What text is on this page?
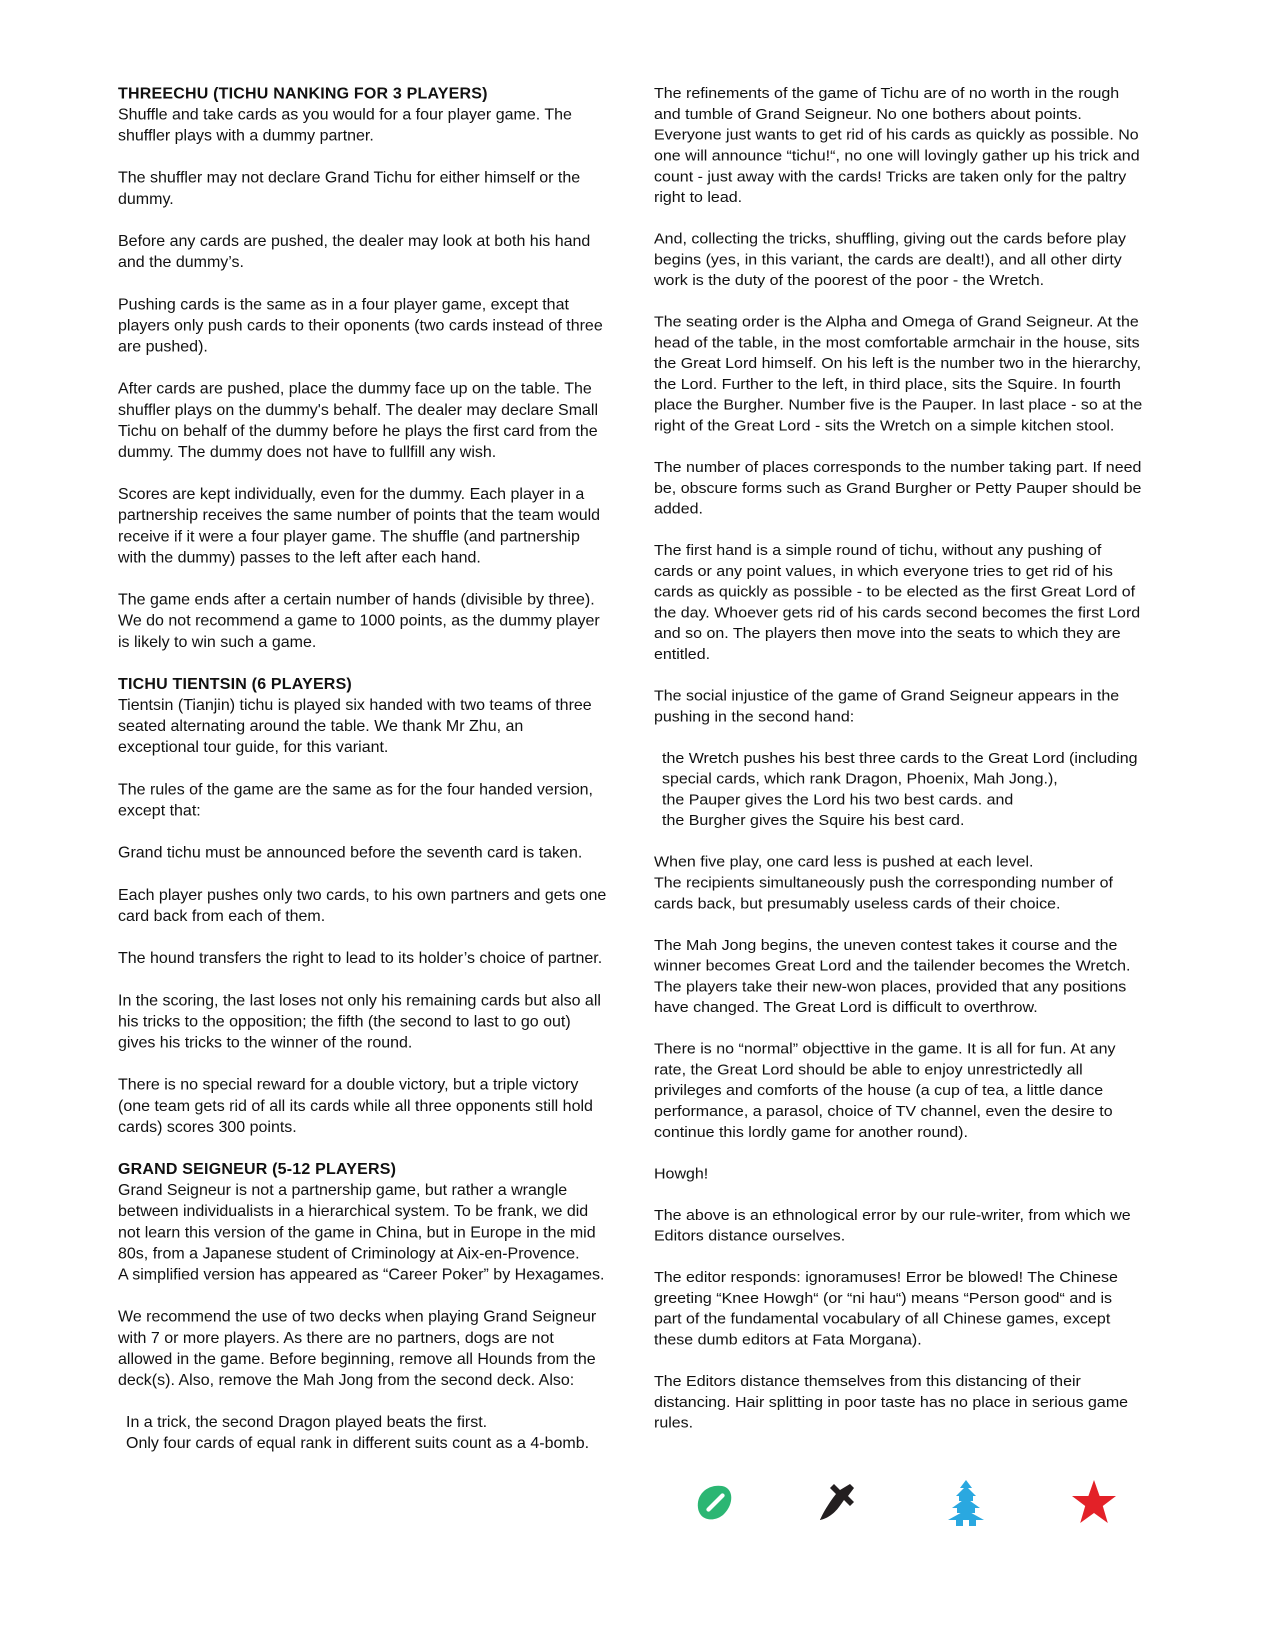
THREECHU (TICHU NANKING FOR 3 PLAYERS)

Shuffle and take cards as you would for a four player game. The shuffler plays with a dummy partner.

The shuffler may not declare Grand Tichu for either himself or the dummy.

Before any cards are pushed, the dealer may look at both his hand and the dummy’s.

Pushing cards is the same as in a four player game, except that players only push cards to their oponents (two cards instead of three are pushed).

After cards are pushed, place the dummy face up on the table. The shuffler plays on the dummy's behalf. The dealer may declare Small Tichu on behalf of the dummy before he plays the first card from the dummy. The dummy does not have to fullfill any wish.

Scores are kept individually, even for the dummy. Each player in a partnership receives the same number of points that the team would receive if it were a four player game. The shuffle (and partnership with the dummy) passes to the left after each hand.

The game ends after a certain number of hands (divisible by three). We do not recommend a game to 1000 points, as the dummy player is likely to win such a game.

TICHU TIENTSIN (6 PLAYERS)

Tientsin (Tianjin) tichu is played six handed with two teams of three seated alternating around the table. We thank Mr Zhu, an exceptional tour guide, for this variant.

The rules of the game are the same as for the four handed version, except that:

Grand tichu must be announced before the seventh card is taken.

Each player pushes only two cards, to his own partners and gets one card back from each of them.

The hound transfers the right to lead to its holder’s choice of partner.

In the scoring, the last loses not only his remaining cards but also all his tricks to the opposition; the fifth (the second to last to go out) gives his tricks to the winner of the round.

There is no special reward for a double victory, but a triple victory (one team gets rid of all its cards while all three opponents still hold cards) scores 300 points.

GRAND SEIGNEUR (5-12 PLAYERS)

Grand Seigneur is not a partnership game, but rather a wrangle between individualists in a hierarchical system. To be frank, we did not learn this version of the game in China, but in Europe in the mid 80s, from a Japanese student of Criminology at Aix-en-Provence.

A simplified version has appeared as “Career Poker” by Hexagames.

We recommend the use of two decks when playing Grand Seigneur with 7 or more players. As there are no partners, dogs are not allowed in the game. Before beginning, remove all Hounds from the deck(s). Also, remove the Mah Jong from the second deck. Also:

In a trick, the second Dragon played beats the first.
Only four cards of equal rank in different suits count as a 4-bomb.

The refinements of the game of Tichu are of no worth in the rough and tumble of Grand Seigneur. No one bothers about points. Everyone just wants to get rid of his cards as quickly as possible. No one will announce “tichu!“, no one will lovingly gather up his trick and count - just away with the cards! Tricks are taken only for the paltry right to lead.

And, collecting the tricks, shuffling, giving out the cards before play begins (yes, in this variant, the cards are dealt!), and all other dirty work is the duty of the poorest of the poor - the Wretch.

The seating order is the Alpha and Omega of Grand Seigneur. At the head of the table, in the most comfortable armchair in the house, sits the Great Lord himself. On his left is the number two in the hierarchy, the Lord. Further to the left, in third place, sits the Squire. In fourth place the Burgher. Number five is the Pauper. In last place - so at the right of the Great Lord - sits the Wretch on a simple kitchen stool.

The number of places corresponds to the number taking part. If need be, obscure forms such as Grand Burgher or Petty Pauper should be added.

The first hand is a simple round of tichu, without any pushing of cards or any point values, in which everyone tries to get rid of his cards as quickly as possible - to be elected as the first Great Lord of the day. Whoever gets rid of his cards second becomes the first Lord and so on. The players then move into the seats to which they are entitled.

The social injustice of the game of Grand Seigneur appears in the pushing in the second hand:

the Wretch pushes his best three cards to the Great Lord (including special cards, which rank Dragon, Phoenix, Mah Jong.),
the Pauper gives the Lord his two best cards. and
the Burgher gives the Squire his best card.

When five play, one card less is pushed at each level.

The recipients simultaneously push the corresponding number of cards back, but presumably useless cards of their choice.

The Mah Jong begins, the uneven contest takes it course and the winner becomes Great Lord and the tailender becomes the Wretch. The players take their new-won places, provided that any positions have changed. The Great Lord is difficult to overthrow.

There is no “normal” objecttive in the game. It is all for fun. At any rate, the Great Lord should be able to enjoy unrestrictedly all privileges and comforts of the house (a cup of tea, a little dance performance, a parasol, choice of TV channel, even the desire to continue this lordly game for another round).

Howgh!

The above is an ethnological error by our rule-writer, from which we Editors distance ourselves.

The editor responds: ignoramuses! Error be blowed! The Chinese greeting “Knee Howgh“ (or “ni hau“) means “Person good“ and is part of the fundamental vocabulary of all Chinese games, except these dumb editors at Fata Morgana).

The Editors distance themselves from this distancing of their distancing. Hair splitting in poor taste has no place in serious game rules.
